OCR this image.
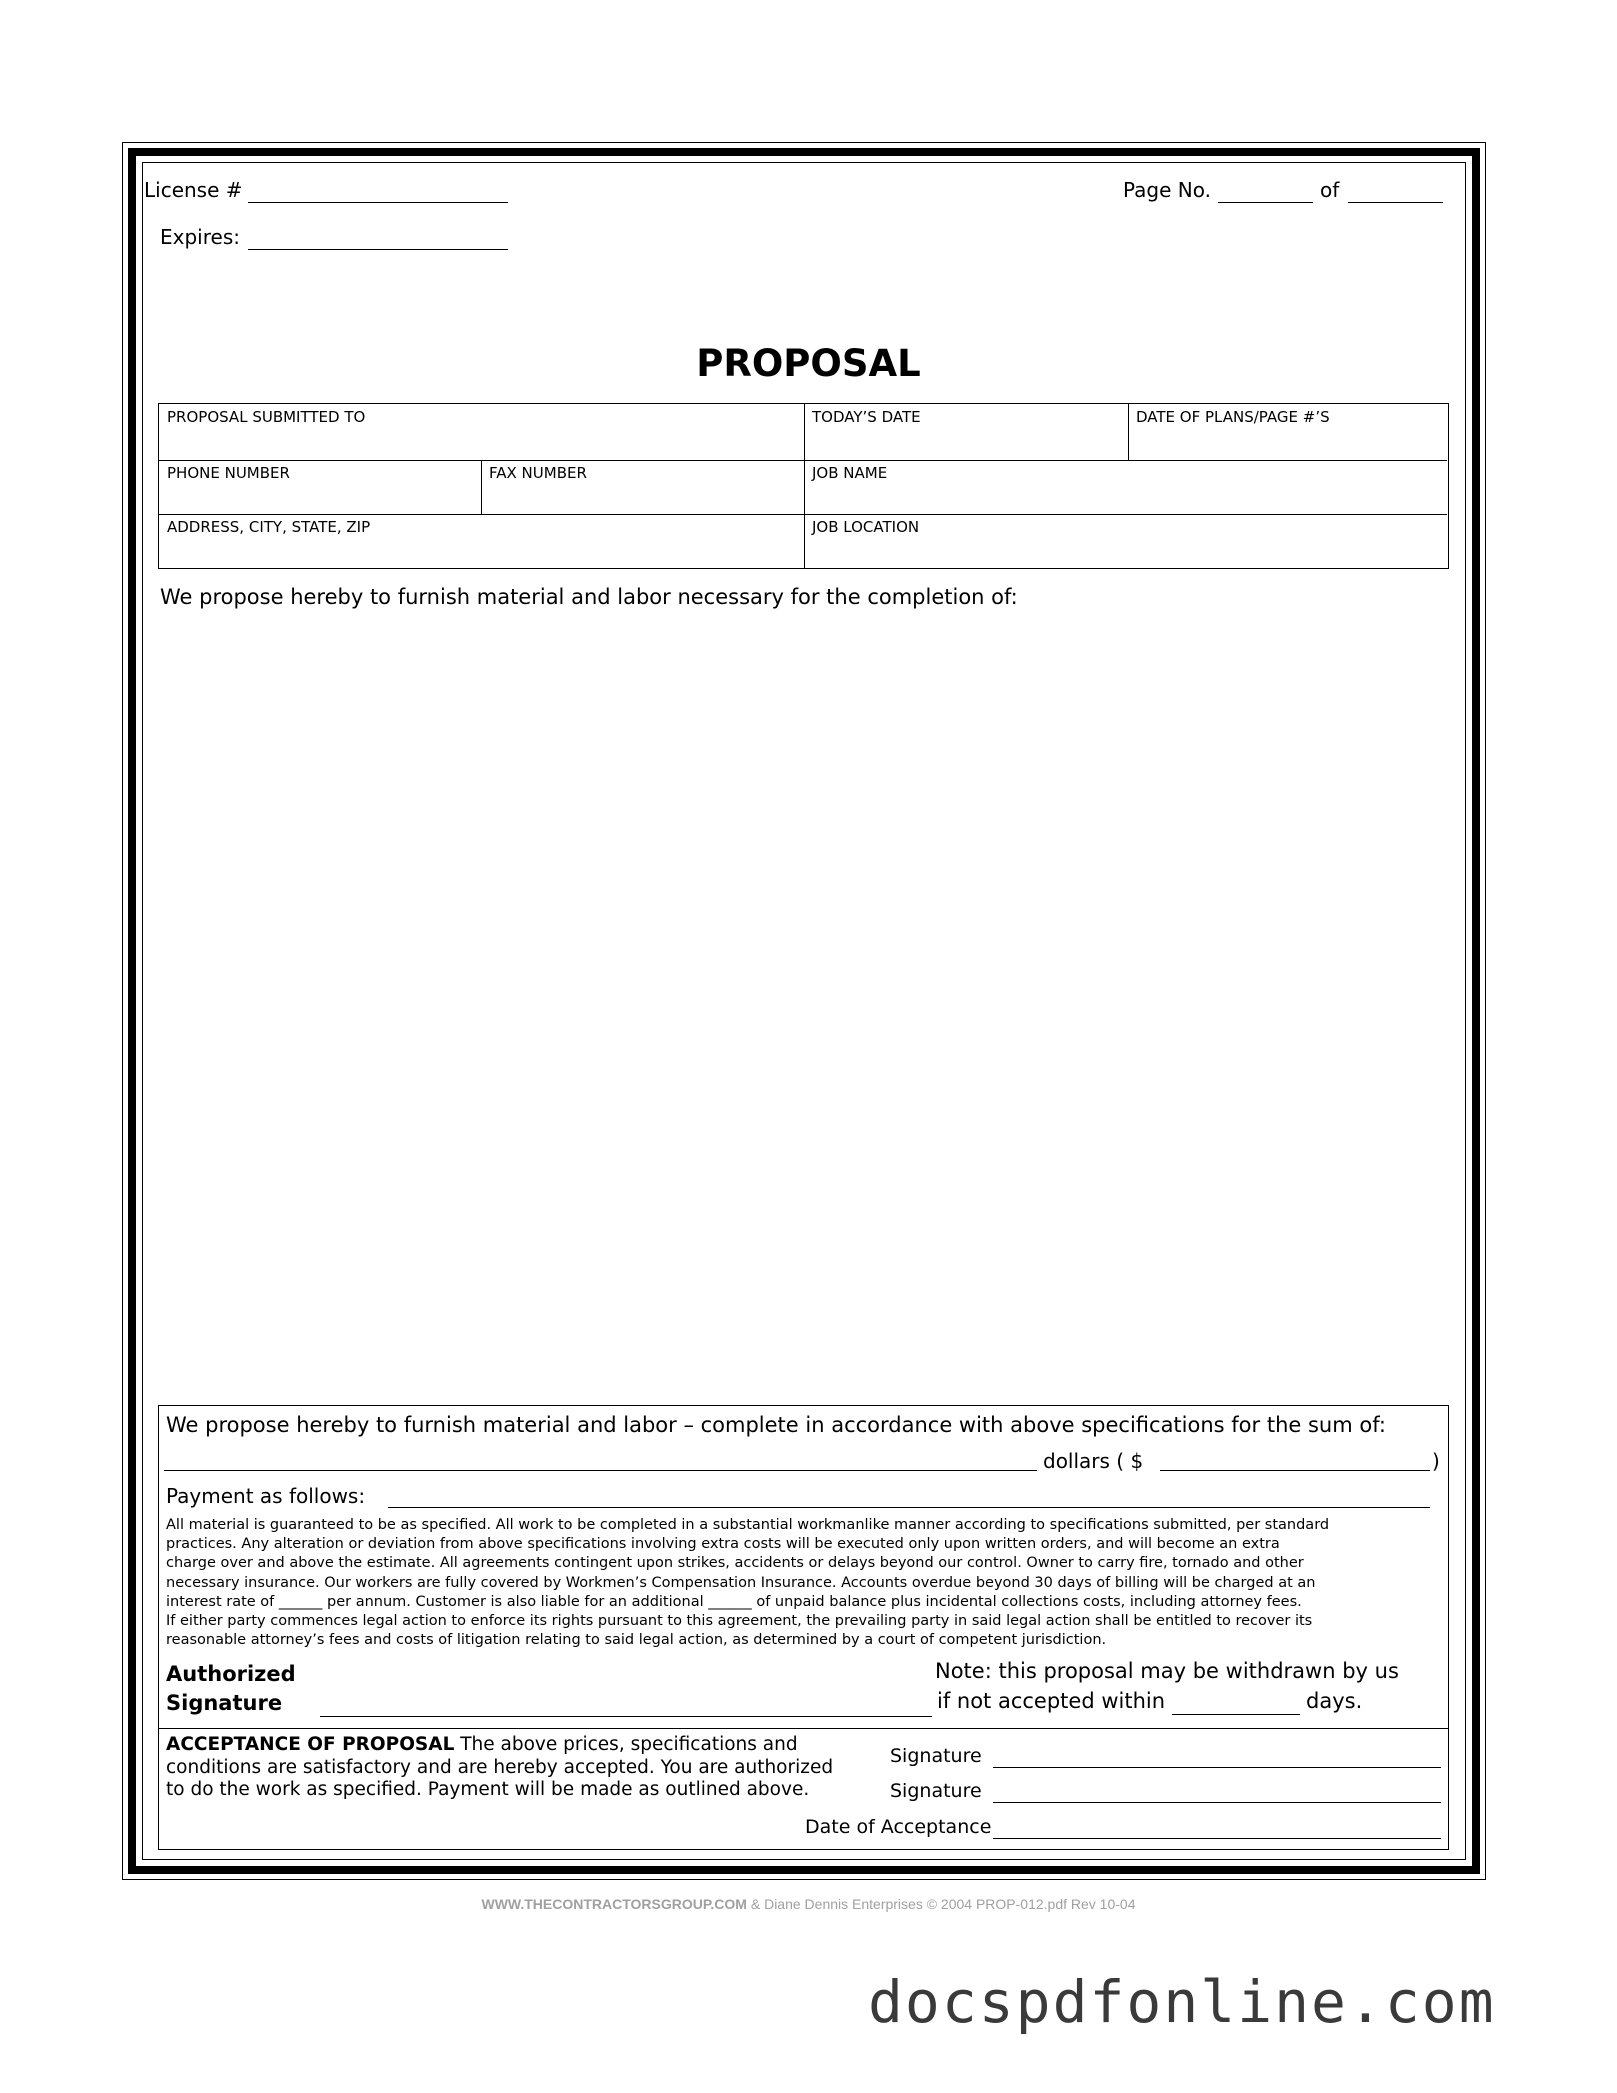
License #
Expires:
Page No.	of
PROPOSAL
PROPOSAL SUBMITTED TO	TODAY’S DATE	DATE OF PLANS/PAGE #’S
PHONE NUMBER	FAX NUMBER	JOB NAME
ADDRESS, CITY, STATE, ZIP	JOB LOCATION
We propose hereby to furnish material and labor necessary for the completion of:
We propose hereby to furnish material and labor – complete in accordance with above specifications for the sum of:
dollars ( $	)
Payment as follows:
All material is guaranteed to be as specified. All work to be completed in a substantial workmanlike manner according to specifications submitted, per standard
practices. Any alteration or deviation from above specifications involving extra costs will be executed only upon written orders, and will become an extra
charge over and above the estimate. All agreements contingent upon strikes, accidents or delays beyond our control. Owner to carry fire, tornado and other
necessary insurance. Our workers are fully covered by Workmen’s Compensation Insurance. Accounts overdue beyond 30 days of billing will be charged at an
interest rate of ______ per annum. Customer is also liable for an additional ______ of unpaid balance plus incidental collections costs, including attorney fees.
If either party commences legal action to enforce its rights pursuant to this agreement, the prevailing party in said legal action shall be entitled to recover its
reasonable attorney’s fees and costs of litigation relating to said legal action, as determined by a court of competent jurisdiction.
Authorized
Signature
Note: this proposal may be withdrawn by us
if not accepted within	days.
ACCEPTANCE OF PROPOSAL The above prices, specifications and
conditions are satisfactory and are hereby accepted. You are authorized
to do the work as specified. Payment will be made as outlined above.
Signature
Signature
Date of Acceptance
WWW.THECONTRACTORSGROUP.COM & Diane Dennis Enterprises © 2004 PROP-012.pdf Rev 10-04
docspdfonline.com
